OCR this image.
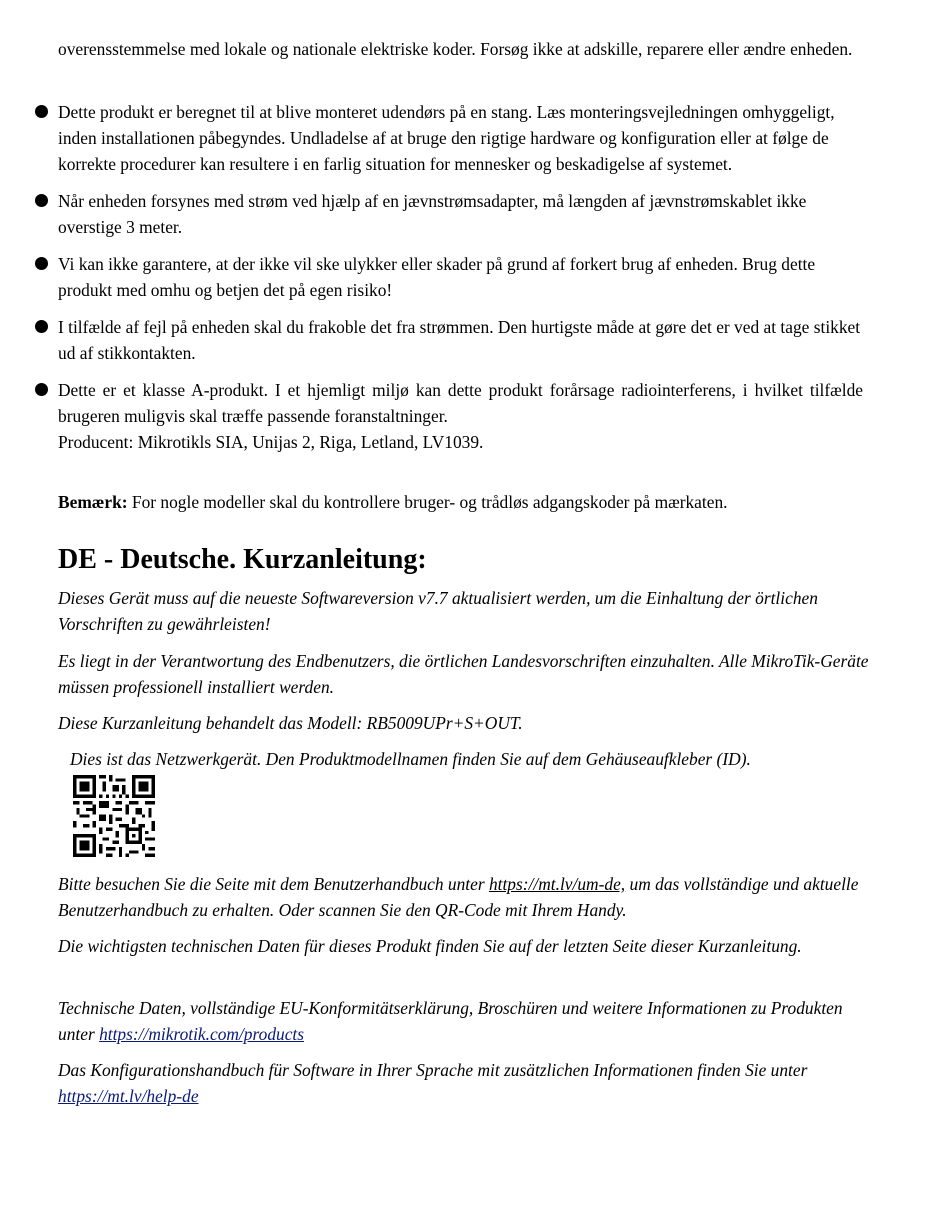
overensstemmelse med lokale og nationale elektriske koder. Forsøg ikke at adskille, reparere eller ændre enheden.

Dette produkt er beregnet til at blive monteret udendørs på en stang. Læs monteringsvejledningen omhyggeligt, inden installationen påbegyndes. Undladelse af at bruge den rigtige hardware og konfiguration eller at følge de korrekte procedurer kan resultere i en farlig situation for mennesker og beskadigelse af systemet.
Når enheden forsynes med strøm ved hjælp af en jævnstrømsadapter, må længden af jævnstrømskablet ikke overstige 3 meter.
Vi kan ikke garantere, at der ikke vil ske ulykker eller skader på grund af forkert brug af enheden. Brug dette produkt med omhu og betjen det på egen risiko!
I tilfælde af fejl på enheden skal du frakoble det fra strømmen. Den hurtigste måde at gøre det er ved at tage stikket ud af stikkontakten.
Dette er et klasse A-produkt. I et hjemligt miljø kan dette produkt forårsage radiointerferens, i hvilket tilfælde brugeren muligvis skal træffe passende foranstaltninger.
Producent: Mikrotikls SIA, Unijas 2, Riga, Letland, LV1039.

Bemærk: For nogle modeller skal du kontrollere bruger- og trådløs adgangskoder på mærkaten.

DE - Deutsche. Kurzanleitung:

Dieses Gerät muss auf die neueste Softwareversion v7.7 aktualisiert werden, um die Einhaltung der örtlichen Vorschriften zu gewährleisten!

Es liegt in der Verantwortung des Endbenutzers, die örtlichen Landesvorschriften einzuhalten. Alle MikroTik-Geräte müssen professionell installiert werden.

Diese Kurzanleitung behandelt das Modell: RB5009UPr+S+OUT.

Dies ist das Netzwerkgerät. Den Produktmodellnamen finden Sie auf dem Gehäuseaufkleber (ID).

Bitte besuchen Sie die Seite mit dem Benutzerhandbuch unter https://mt.lv/um-de, um das vollständige und aktuelle Benutzerhandbuch zu erhalten. Oder scannen Sie den QR-Code mit Ihrem Handy.

Die wichtigsten technischen Daten für dieses Produkt finden Sie auf der letzten Seite dieser Kurzanleitung.

Technische Daten, vollständige EU-Konformitätserklärung, Broschüren und weitere Informationen zu Produkten unter https://mikrotik.com/products

Das Konfigurationshandbuch für Software in Ihrer Sprache mit zusätzlichen Informationen finden Sie unter https://mt.lv/help-de
